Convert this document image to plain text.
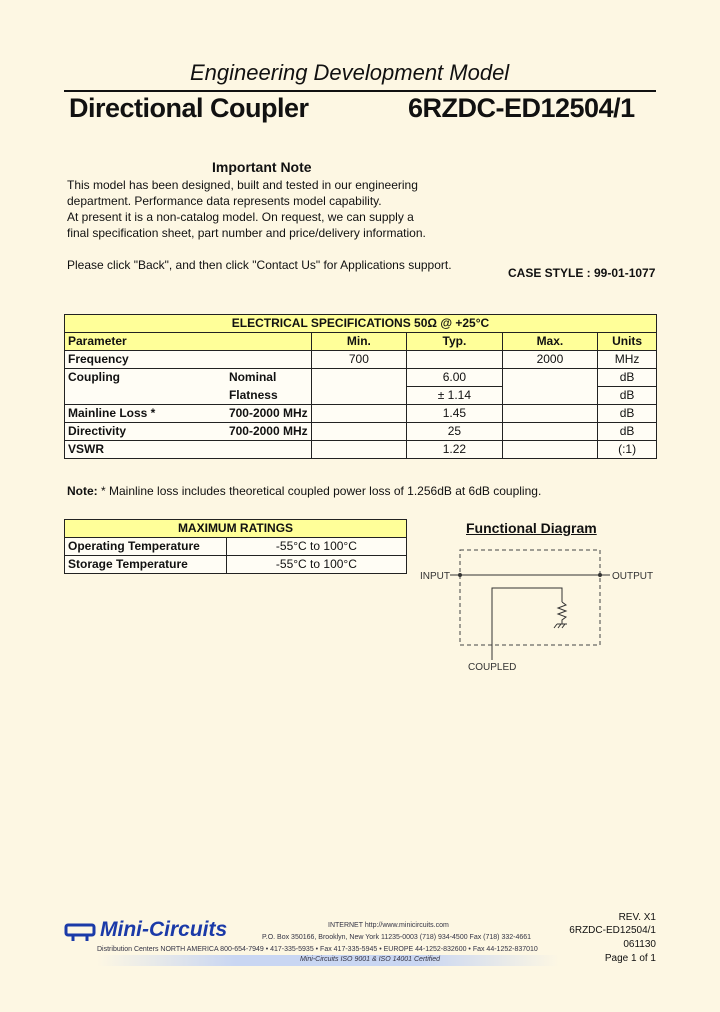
Engineering Development Model
Directional Coupler	6RZDC-ED12504/1
Important Note
This model has been designed, built and tested in our engineering
department. Performance data represents model capability.
At present it is a non-catalog model. On request, we can supply a
final specification sheet, part number and price/delivery information.
Please click "Back", and then click "Contact Us" for Applications support.
CASE STYLE : 99-01-1077
ELECTRICAL SPECIFICATIONS 50Ω @ +25°C					
Parameter		Min.	Typ.	Max.	Units
Frequency		700		2000	MHz
Coupling	Nominal		6.00		dB
	Flatness		± 1.14		dB
Mainline Loss *	700-2000 MHz		1.45		dB
Directivity	700-2000 MHz		25		dB
VSWR			1.22		(:1)
Note: * Mainline loss includes theoretical coupled power loss of 1.256dB at 6dB coupling.
MAXIMUM RATINGS	
Operating Temperature	-55°C to 100°C
Storage Temperature	-55°C to 100°C
Functional Diagram
INPUT	OUTPUT
COUPLED
Mini-Circuits	INTERNET http://www.minicircuits.com
P.O. Box 350166, Brooklyn, New York 11235-0003 (718) 934-4500 Fax (718) 332-4661
Distribution Centers NORTH AMERICA 800-654-7949 • 417-335-5935 • Fax 417-335-5945 • EUROPE 44-1252-832600 • Fax 44-1252-837010
Mini-Circuits ISO 9001 & ISO 14001 Certified
REV. X1
6RZDC-ED12504/1
061130
Page 1 of 1
